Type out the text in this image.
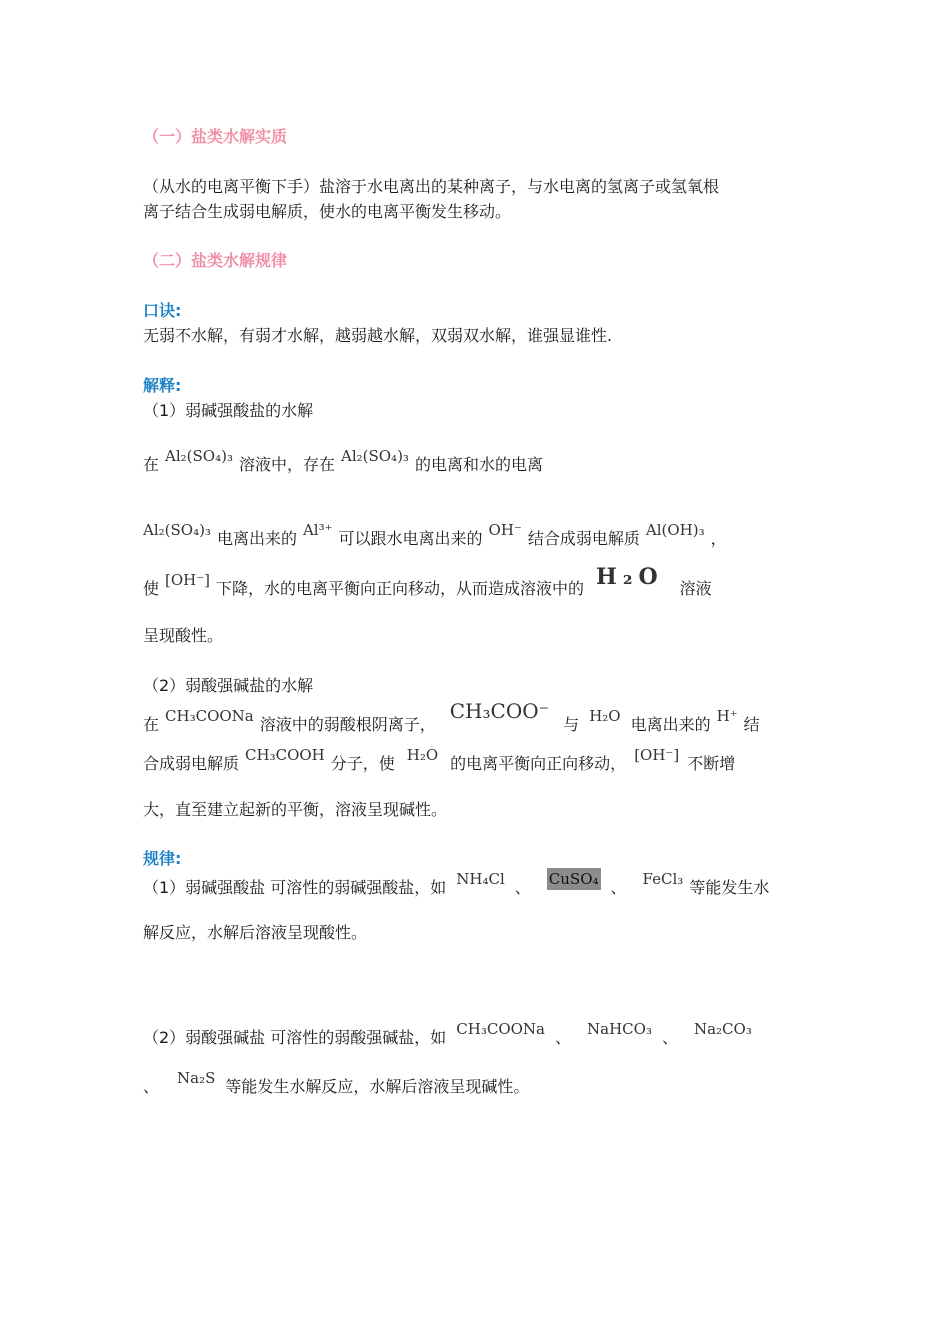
（一）盐类水解实质
（从水的电离平衡下手）盐溶于水电离出的某种离子，与水电离的氢离子或氢氧根
离子结合生成弱电解质，使水的电离平衡发生移动。
（二）盐类水解规律
口诀:
无弱不水解，有弱才水解，越弱越水解，双弱双水解，谁强显谁性.
解释:
（1）弱碱强酸盐的水解
在 Al₂(SO₄)₃ 溶液中，存在 Al₂(SO₄)₃ 的电离和水的电离
Al₂(SO₄)₃ 电离出来的 Al³⁺ 可以跟水电离出来的 OH⁻ 结合成弱电解质 Al(OH)₃ ，
使 [OH⁻] 下降，水的电离平衡向正向移动，从而造成溶液中的 H₂O 溶液
呈现酸性。
（2）弱酸强碱盐的水解
在 CH₃COONa 溶液中的弱酸根阴离子，CH₃COO⁻与 H₂O 电离出来的 H⁺ 结
合成弱电解质 CH₃COOH 分子，使 H₂O 的电离平衡向正向移动， [OH⁻] 不断增
大，直至建立起新的平衡，溶液呈现碱性。
规律:
（1）弱碱强酸盐 可溶性的弱碱强酸盐，如 NH₄Cl 、 CuSO₄ 、 FeCl₃ 等能发生水
解反应，水解后溶液呈现酸性。
（2）弱酸强碱盐 可溶性的弱酸强碱盐，如 CH₃COONa 、 NaHCO₃ 、 Na₂CO₃
、 Na₂S 等能发生水解反应，水解后溶液呈现碱性。
